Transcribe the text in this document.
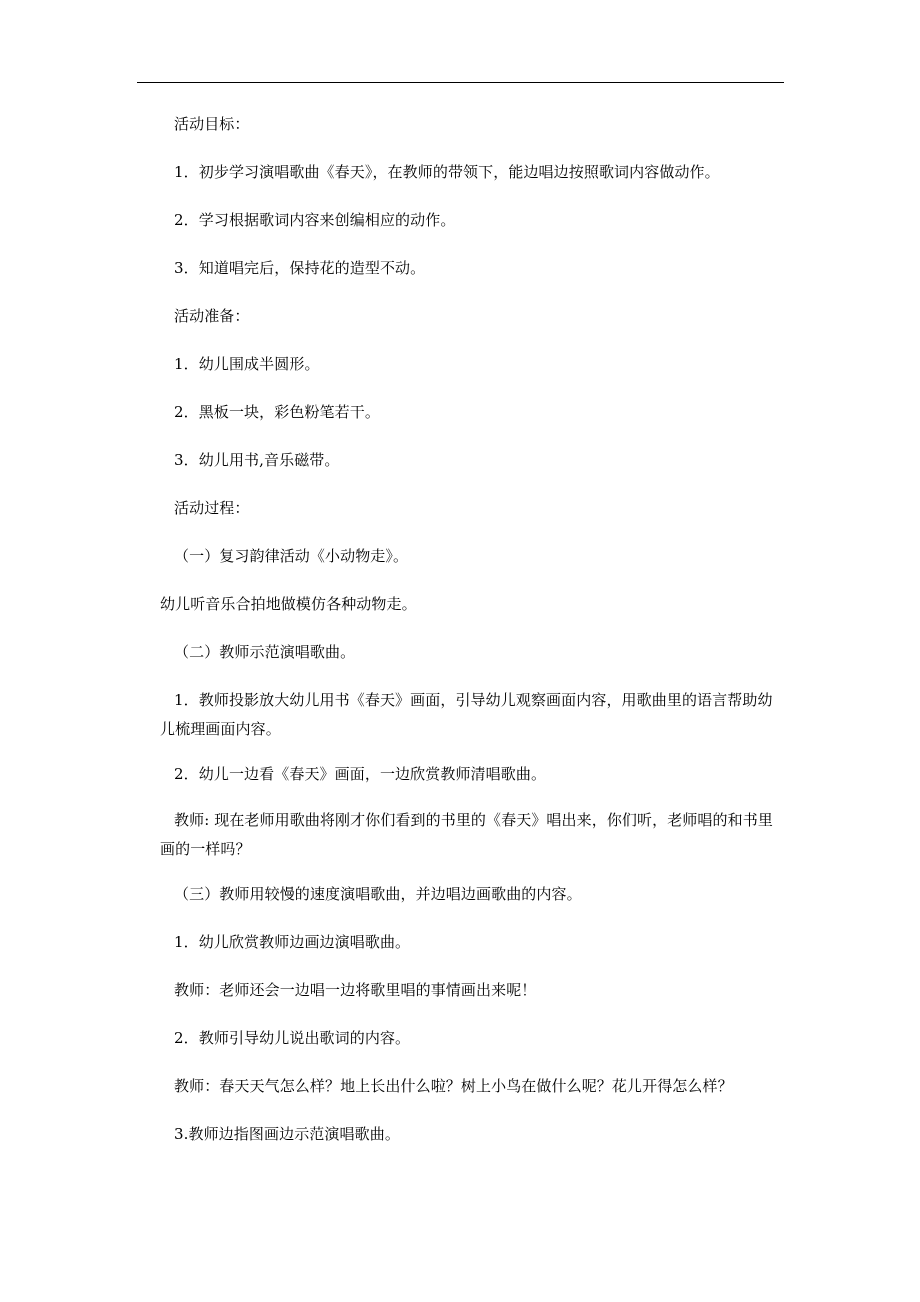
活动目标：

1．初步学习演唱歌曲《春天》，在教师的带领下，能边唱边按照歌词内容做动作。

2．学习根据歌词内容来创编相应的动作。

3．知道唱完后，保持花的造型不动。

活动准备：

1．幼儿围成半圆形。

2．黑板一块，彩色粉笔若干。

3．幼儿用书,音乐磁带。

活动过程：

（一）复习韵律活动《小动物走》。

幼儿听音乐合拍地做模仿各种动物走。

（二）教师示范演唱歌曲。

1．教师投影放大幼儿用书《春天》画面，引导幼儿观察画面内容，用歌曲里的语言帮助幼儿梳理画面内容。

2．幼儿一边看《春天》画面，一边欣赏教师清唱歌曲。

教师: 现在老师用歌曲将刚才你们看到的书里的《春天》唱出来，你们听，老师唱的和书里画的一样吗？

（三）教师用较慢的速度演唱歌曲，并边唱边画歌曲的内容。

1．幼儿欣赏教师边画边演唱歌曲。

教师：老师还会一边唱一边将歌里唱的事情画出来呢！

2．教师引导幼儿说出歌词的内容。

教师：春天天气怎么样？地上长出什么啦？树上小鸟在做什么呢？花儿开得怎么样？

3.教师边指图画边示范演唱歌曲。
